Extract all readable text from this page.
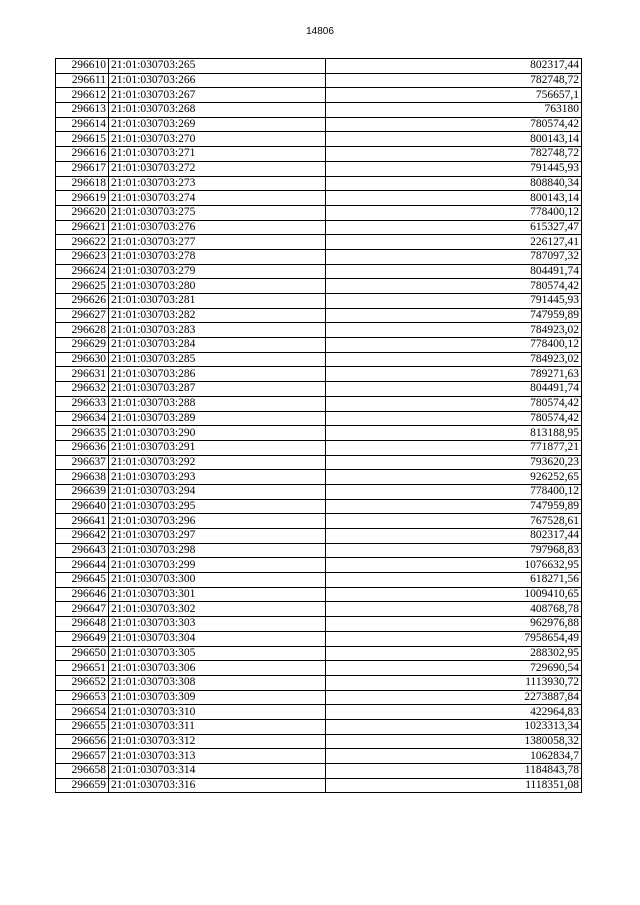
14806
296610	21:01:030703:265	802317,44
296611	21:01:030703:266	782748,72
296612	21:01:030703:267	756657,1
296613	21:01:030703:268	763180
296614	21:01:030703:269	780574,42
296615	21:01:030703:270	800143,14
296616	21:01:030703:271	782748,72
296617	21:01:030703:272	791445,93
296618	21:01:030703:273	808840,34
296619	21:01:030703:274	800143,14
296620	21:01:030703:275	778400,12
296621	21:01:030703:276	615327,47
296622	21:01:030703:277	226127,41
296623	21:01:030703:278	787097,32
296624	21:01:030703:279	804491,74
296625	21:01:030703:280	780574,42
296626	21:01:030703:281	791445,93
296627	21:01:030703:282	747959,89
296628	21:01:030703:283	784923,02
296629	21:01:030703:284	778400,12
296630	21:01:030703:285	784923,02
296631	21:01:030703:286	789271,63
296632	21:01:030703:287	804491,74
296633	21:01:030703:288	780574,42
296634	21:01:030703:289	780574,42
296635	21:01:030703:290	813188,95
296636	21:01:030703:291	771877,21
296637	21:01:030703:292	793620,23
296638	21:01:030703:293	926252,65
296639	21:01:030703:294	778400,12
296640	21:01:030703:295	747959,89
296641	21:01:030703:296	767528,61
296642	21:01:030703:297	802317,44
296643	21:01:030703:298	797968,83
296644	21:01:030703:299	1076632,95
296645	21:01:030703:300	618271,56
296646	21:01:030703:301	1009410,65
296647	21:01:030703:302	408768,78
296648	21:01:030703:303	962976,88
296649	21:01:030703:304	7958654,49
296650	21:01:030703:305	288302,95
296651	21:01:030703:306	729690,54
296652	21:01:030703:308	1113930,72
296653	21:01:030703:309	2273887,84
296654	21:01:030703:310	422964,83
296655	21:01:030703:311	1023313,34
296656	21:01:030703:312	1380058,32
296657	21:01:030703:313	1062834,7
296658	21:01:030703:314	1184843,78
296659	21:01:030703:316	1118351,08
